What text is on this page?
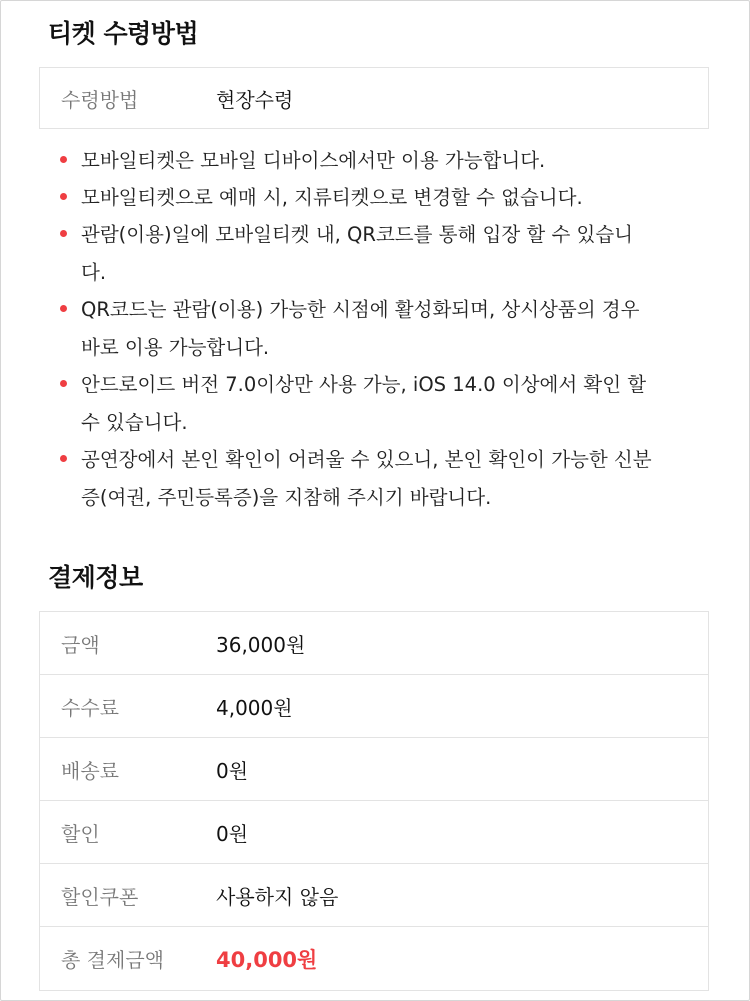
티켓 수령방법
수령방법	현장수령
모바일티켓은 모바일 디바이스에서만 이용 가능합니다.
모바일티켓으로 예매 시, 지류티켓으로 변경할 수 없습니다.
관람(이용)일에 모바일티켓 내, QR코드를 통해 입장 할 수 있습니
다.
QR코드는 관람(이용) 가능한 시점에 활성화되며, 상시상품의 경우
바로 이용 가능합니다.
안드로이드 버전 7.0이상만 사용 가능, iOS 14.0 이상에서 확인 할
수 있습니다.
공연장에서 본인 확인이 어려울 수 있으니, 본인 확인이 가능한 신분
증(여권, 주민등록증)을 지참해 주시기 바랍니다.
결제정보
금액	36,000원
수수료	4,000원
배송료	0원
할인	0원
할인쿠폰	사용하지 않음
총 결제금액	40,000원
